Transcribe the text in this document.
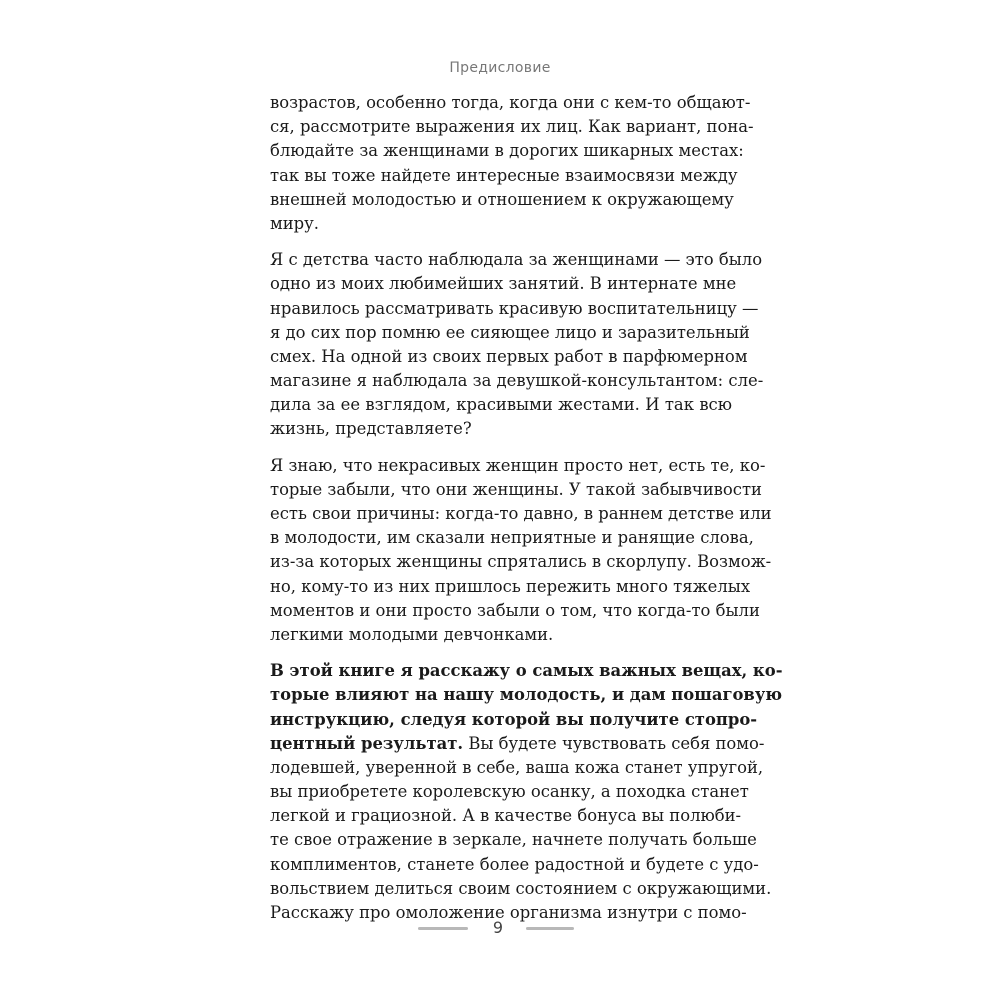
Предисловие
возрастов, особенно тогда, когда они с кем-то общают-
ся, рассмотрите выражения их лиц. Как вариант, пона-
блюдайте за женщинами в дорогих шикарных местах:
так вы тоже найдете интересные взаимосвязи между
внешней молодостью и отношением к окружающему
миру.
Я с детства часто наблюдала за женщинами — это было
одно из моих любимейших занятий. В интернате мне
нравилось рассматривать красивую воспитательницу —
я до сих пор помню ее сияющее лицо и заразительный
смех. На одной из своих первых работ в парфюмерном
магазине я наблюдала за девушкой-консультантом: сле-
дила за ее взглядом, красивыми жестами. И так всю
жизнь, представляете?
Я знаю, что некрасивых женщин просто нет, есть те, ко-
торые забыли, что они женщины. У такой забывчивости
есть свои причины: когда-то давно, в раннем детстве или
в молодости, им сказали неприятные и ранящие слова,
из-за которых женщины спрятались в скорлупу. Возмож-
но, кому-то из них пришлось пережить много тяжелых
моментов и они просто забыли о том, что когда-то были
легкими молодыми девчонками.
В этой книге я расскажу о самых важных вещах, ко-
торые влияют на нашу молодость, и дам пошаговую
инструкцию, следуя которой вы получите стопро-
центный результат. Вы будете чувствовать себя помо-
лодевшей, уверенной в себе, ваша кожа станет упругой,
вы приобретете королевскую осанку, а походка станет
легкой и грациозной. А в качестве бонуса вы полюби-
те свое отражение в зеркале, начнете получать больше
комплиментов, станете более радостной и будете с удо-
вольствием делиться своим состоянием с окружающими.
Расскажу про омоложение организма изнутри с помо-
9
